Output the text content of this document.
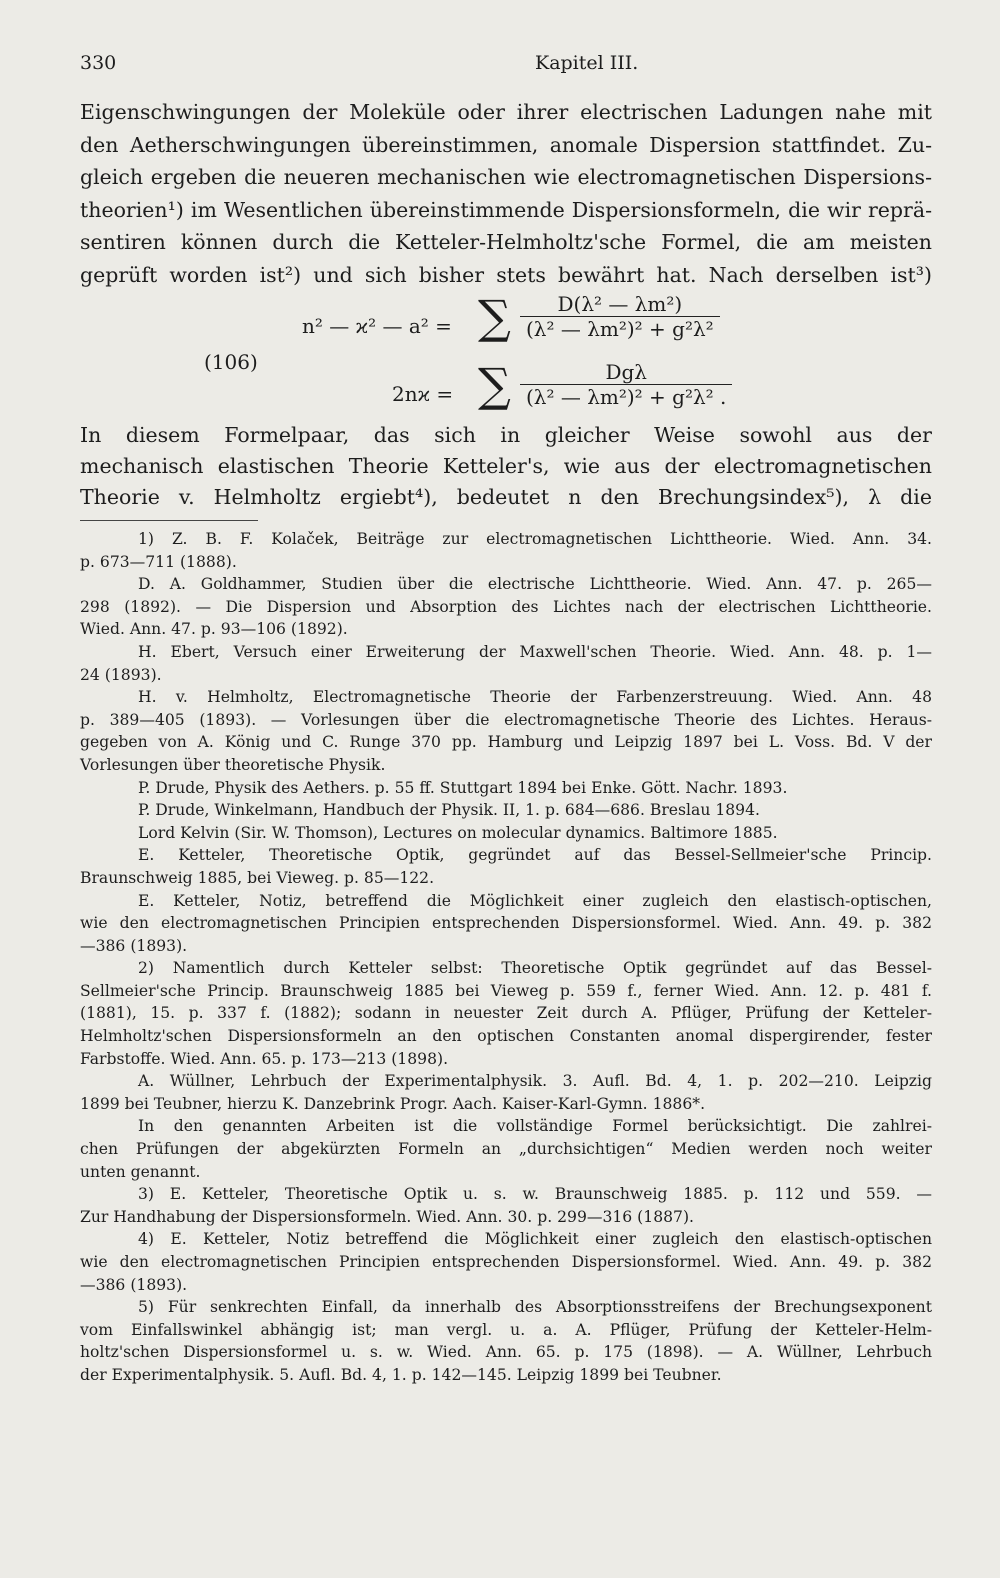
330	Kapitel III.
Eigenschwingungen der Moleküle oder ihrer electrischen Ladungen nahe mit
den Aetherschwingungen übereinstimmen, anomale Dispersion stattfindet. Zu-
gleich ergeben die neueren mechanischen wie electromagnetischen Dispersions-
theorien¹) im Wesentlichen übereinstimmende Dispersionsformeln, die wir reprä-
sentiren können durch die Ketteler-Helmholtz'sche Formel, die am meisten
geprüft worden ist²) und sich bisher stets bewährt hat. Nach derselben ist³)
(106)
n² — ϰ² — a² = ∑ $\frac{\text{D(λ² — λm²)}}{\text{(λ² — λm²)² + g²λ²}}$
2nϰ = ∑	Dgλ
(λ² — λm²)² + g²λ² .
In diesem Formelpaar, das sich in gleicher Weise sowohl aus der
mechanisch elastischen Theorie Ketteler's, wie aus der electromagnetischen
Theorie v. Helmholtz ergiebt⁴), bedeutet n den Brechungsindex⁵), λ die
1) Z. B. F. Kolaček, Beiträge zur electromagnetischen Lichttheorie. Wied. Ann. 34.
p. 673—711 (1888).
D. A. Goldhammer, Studien über die electrische Lichttheorie. Wied. Ann. 47. p. 265—
298 (1892). — Die Dispersion und Absorption des Lichtes nach der electrischen Lichttheorie.
Wied. Ann. 47. p. 93—106 (1892).
H. Ebert, Versuch einer Erweiterung der Maxwell'schen Theorie. Wied. Ann. 48. p. 1—
24 (1893).
H. v. Helmholtz, Electromagnetische Theorie der Farbenzerstreuung. Wied. Ann. 48
p. 389—405 (1893). — Vorlesungen über die electromagnetische Theorie des Lichtes. Heraus-
gegeben von A. König und C. Runge 370 pp. Hamburg und Leipzig 1897 bei L. Voss. Bd. V der
Vorlesungen über theoretische Physik.
P. Drude, Physik des Aethers. p. 55 ff. Stuttgart 1894 bei Enke. Gött. Nachr. 1893.
P. Drude, Winkelmann, Handbuch der Physik. II, 1. p. 684—686. Breslau 1894.
Lord Kelvin (Sir. W. Thomson), Lectures on molecular dynamics. Baltimore 1885.
E. Ketteler, Theoretische Optik, gegründet auf das Bessel-Sellmeier'sche Princip.
Braunschweig 1885, bei Vieweg. p. 85—122.
E. Ketteler, Notiz, betreffend die Möglichkeit einer zugleich den elastisch-optischen,
wie den electromagnetischen Principien entsprechenden Dispersionsformel. Wied. Ann. 49. p. 382
—386 (1893).
2) Namentlich durch Ketteler selbst: Theoretische Optik gegründet auf das Bessel-
Sellmeier'sche Princip. Braunschweig 1885 bei Vieweg p. 559 f., ferner Wied. Ann. 12. p. 481 f.
(1881), 15. p. 337 f. (1882); sodann in neuester Zeit durch A. Pflüger, Prüfung der Ketteler-
Helmholtz'schen Dispersionsformeln an den optischen Constanten anomal dispergirender, fester
Farbstoffe. Wied. Ann. 65. p. 173—213 (1898).
A. Wüllner, Lehrbuch der Experimentalphysik. 3. Aufl. Bd. 4, 1. p. 202—210. Leipzig
1899 bei Teubner, hierzu K. Danzebrink Progr. Aach. Kaiser-Karl-Gymn. 1886*.
In den genannten Arbeiten ist die vollständige Formel berücksichtigt. Die zahlrei-
chen Prüfungen der abgekürzten Formeln an „durchsichtigen“ Medien werden noch weiter
unten genannt.
3) E. Ketteler, Theoretische Optik u. s. w. Braunschweig 1885. p. 112 und 559. —
Zur Handhabung der Dispersionsformeln. Wied. Ann. 30. p. 299—316 (1887).
4) E. Ketteler, Notiz betreffend die Möglichkeit einer zugleich den elastisch-optischen
wie den electromagnetischen Principien entsprechenden Dispersionsformel. Wied. Ann. 49. p. 382
—386 (1893).
5) Für senkrechten Einfall, da innerhalb des Absorptionsstreifens der Brechungsexponent
vom Einfallswinkel abhängig ist; man vergl. u. a. A. Pflüger, Prüfung der Ketteler-Helm-
holtz'schen Dispersionsformel u. s. w. Wied. Ann. 65. p. 175 (1898). — A. Wüllner, Lehrbuch
der Experimentalphysik. 5. Aufl. Bd. 4, 1. p. 142—145. Leipzig 1899 bei Teubner.
